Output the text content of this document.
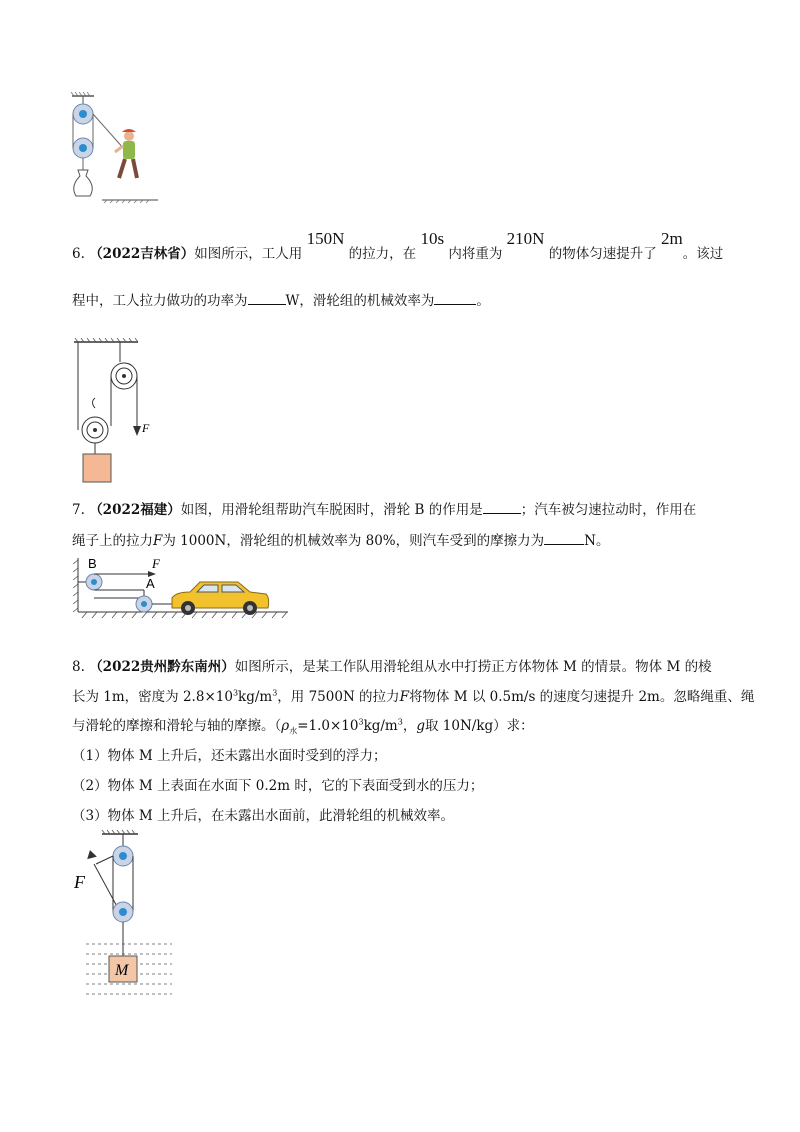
6. （2022吉林省）如图所示，工人用 150N 的拉力，在 10s 内将重为 210N 的物体匀速提升了 2m。该过
程中，工人拉力做功的功率为	W，滑轮组的机械效率为	。
F
7. （2022福建）如图，用滑轮组帮助汽车脱困时，滑轮 B 的作用是	；汽车被匀速拉动时，作用在
绳子上的拉力F为 1000N，滑轮组的机械效率为 80%，则汽车受到的摩擦力为	N。
B	F
A
8. （2022贵州黔东南州）如图所示，是某工作队用滑轮组从水中打捞正方体物体 M 的情景。物体 M 的棱
长为 1m，密度为 $2.8\times 10^3kg/m^3$，用 7500N 的拉力F将物体 M 以 0.5m/s 的速度匀速提升 2m。忽略绳重、绳
与滑轮的摩擦和滑轮与轴的摩擦。（$\rho_水=1.0\times 10^3kg/m^3$，g取 10N/kg）求：
（1）物体 M 上升后，还未露出水面时受到的浮力；
（2）物体 M 上表面在水面下 0.2m 时，它的下表面受到水的压力；
（3）物体 M 上升后，在未露出水面前，此滑轮组的机械效率。
F
M
